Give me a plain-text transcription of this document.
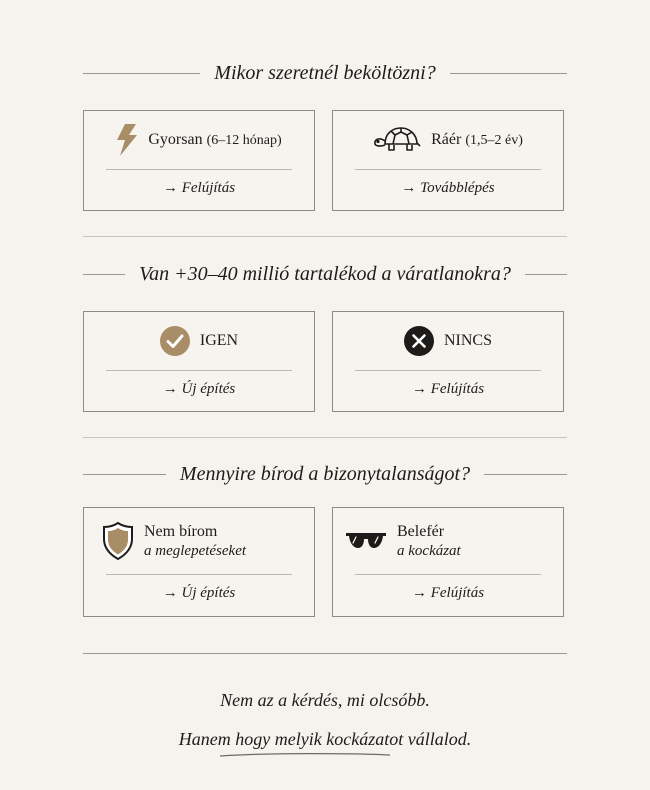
Mikor szeretnél beköltözni?
Gyorsan (6–12 hónap)
→ Felújítás
Ráér (1,5–2 év)
→ Továbblépés
Van +30–40 millió tartalékod a váratlanokra?
IGEN
→ Új építés
NINCS
→ Felújítás
Mennyire bírod a bizonytalanságot?
Nem bírom
a meglepetéseket
→ Új építés
Belefér
a kockázat
→ Felújítás
Nem az a kérdés, mi olcsóbb.
Hanem hogy melyik kockázatot vállalod.
